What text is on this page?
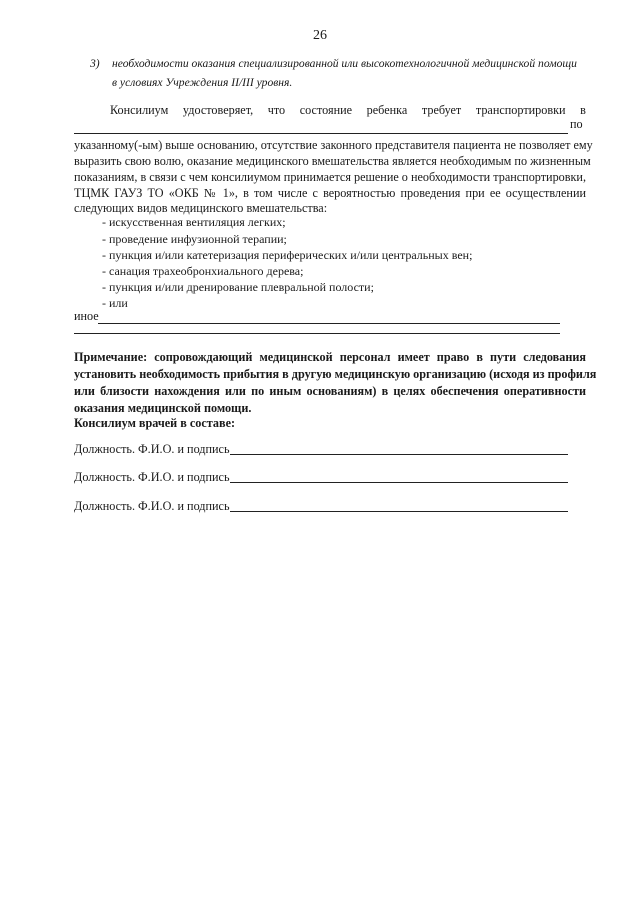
26
3) необходимости оказания специализированной или высокотехнологичной медицинской помощи
в условиях Учреждения II/III уровня.
Консилиум удостоверяет, что состояние ребенка требует транспортировки в
по
указанному(-ым) выше основанию, отсутствие законного представителя пациента не позволяет ему
выразить свою волю, оказание медицинского вмешательства является необходимым по жизненным
показаниям, в связи с чем консилиумом принимается решение о необходимости транспортировки,
ТЦМК ГАУЗ ТО «ОКБ № 1», в том числе с вероятностью проведения при ее осуществлении
следующих видов медицинского вмешательства:
- искусственная вентиляция легких;
- проведение инфузионной терапии;
- пункция и/или катетеризация периферических и/или центральных вен;
- санация трахеобронхиального дерева;
- пункция и/или дренирование плевральной полости;
- или
иное
Примечание: сопровождающий медицинской персонал имеет право в пути следования
установить необходимость прибытия в другую медицинскую организацию (исходя из профиля
или близости нахождения или по иным основаниям) в целях обеспечения оперативности
оказания медицинской помощи.
Консилиум врачей в составе:
Должность. Ф.И.О. и подпись
Должность. Ф.И.О. и подпись
Должность. Ф.И.О. и подпись
